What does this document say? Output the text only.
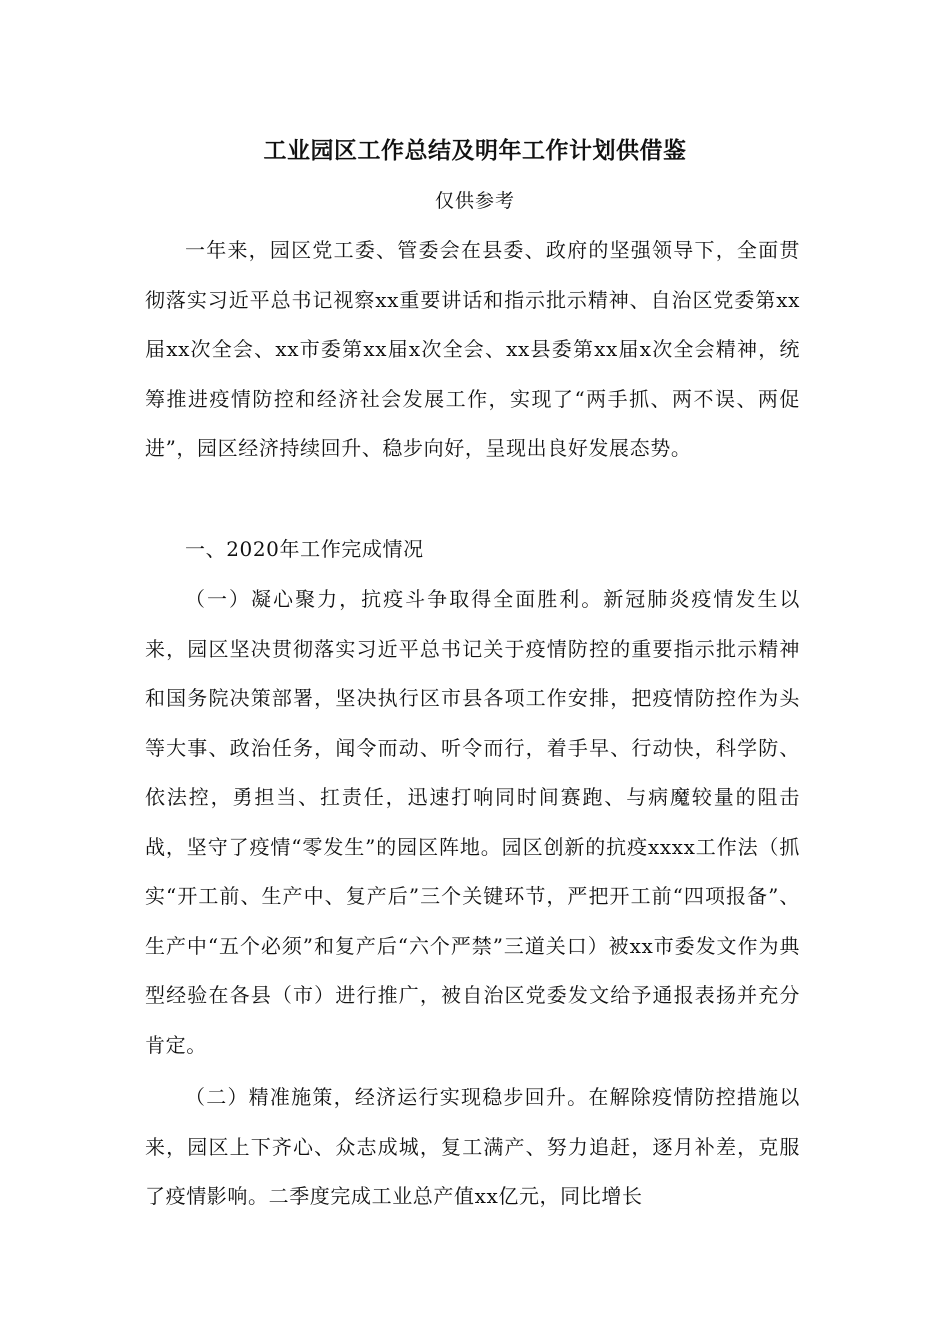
工业园区工作总结及明年工作计划供借鉴
仅供参考

一年来，园区党工委、管委会在县委、政府的坚强领导下，全面贯彻落实习近平总书记视察xx重要讲话和指示批示精神、自治区党委第xx届xx次全会、xx市委第xx届x次全会、xx县委第xx届x次全会精神，统筹推进疫情防控和经济社会发展工作，实现了“两手抓、两不误、两促进”，园区经济持续回升、稳步向好，呈现出良好发展态势。

一、2020年工作完成情况

（一）凝心聚力，抗疫斗争取得全面胜利。新冠肺炎疫情发生以来，园区坚决贯彻落实习近平总书记关于疫情防控的重要指示批示精神和国务院决策部署，坚决执行区市县各项工作安排，把疫情防控作为头等大事、政治任务，闻令而动、听令而行，着手早、行动快，科学防、依法控，勇担当、扛责任，迅速打响同时间赛跑、与病魔较量的阻击战，坚守了疫情“零发生”的园区阵地。园区创新的抗疫xxxx工作法（抓实“开工前、生产中、复产后”三个关键环节，严把开工前“四项报备”、生产中“五个必须”和复产后“六个严禁”三道关口）被xx市委发文作为典型经验在各县（市）进行推广，被自治区党委发文给予通报表扬并充分肯定。

（二）精准施策，经济运行实现稳步回升。在解除疫情防控措施以来，园区上下齐心、众志成城，复工满产、努力追赶，逐月补差，克服了疫情影响。二季度完成工业总产值xx亿元，同比增长
